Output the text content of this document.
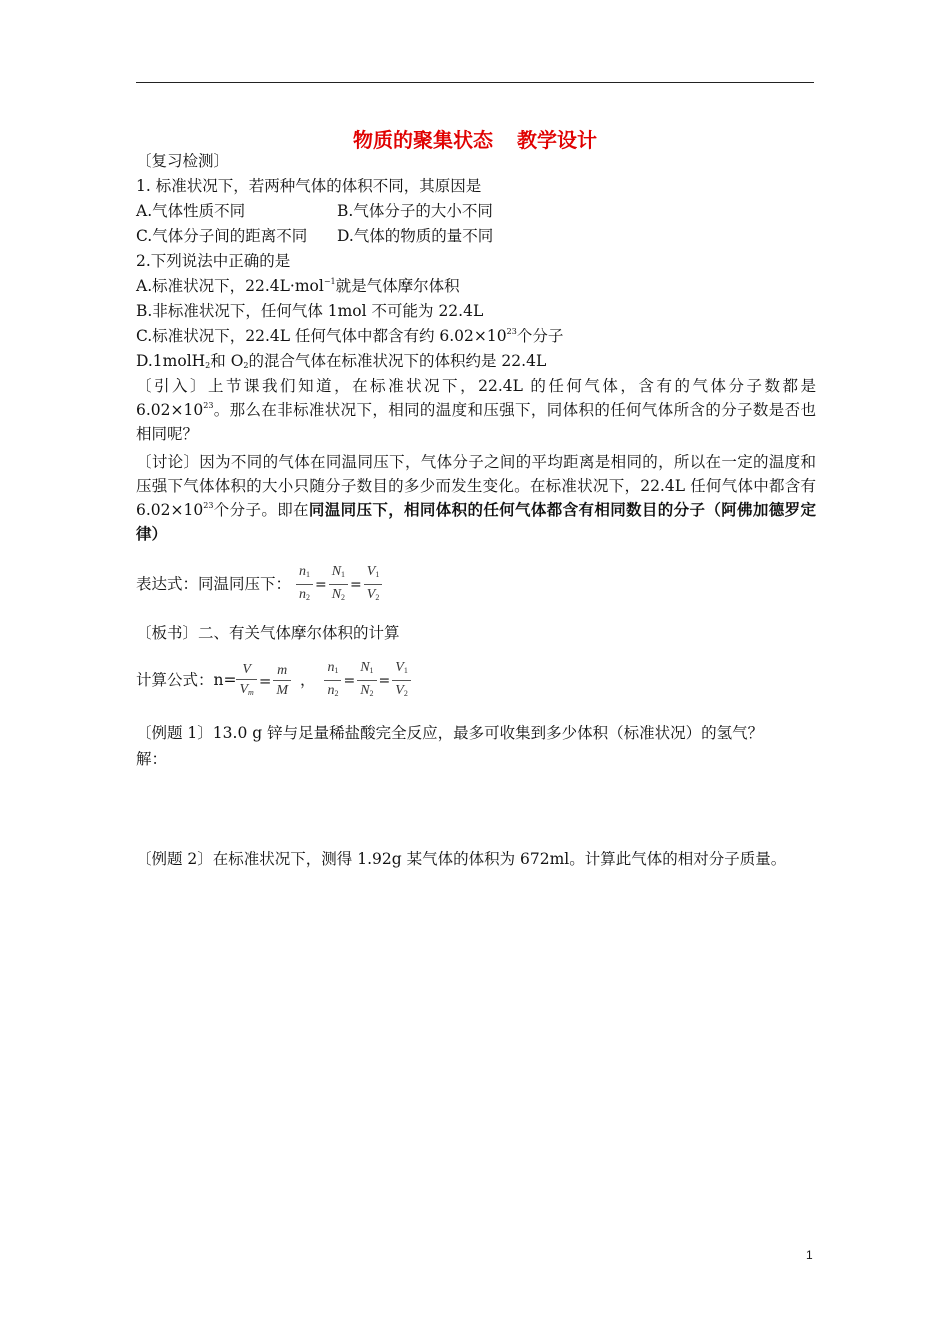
物质的聚集状态 教学设计
〔复习检测〕
1. 标准状况下，若两种气体的体积不同，其原因是
A.气体性质不同	B.气体分子的大小不同
C.气体分子间的距离不同 D.气体的物质的量不同
2.下列说法中正确的是
A.标准状况下，22.4L·mol$^{-1}$就是气体摩尔体积
B.非标准状况下，任何气体 1mol 不可能为 22.4L
C.标准状况下，22.4L 任何气体中都含有约 $6.02\times 10^{23}$个分子
D.1molH$_2$和 $O_2$的混合气体在标准状况下的体积约是 22.4L
〔引入〕上节课我们知道，在标准状况下，22.4L 的任何气体，含有的气体分子数都是 $6.02\times 10^{23}$。那么在非标准状况下，相同的温度和压强下，同体积的任何气体所含的分子数是否也相同呢？
〔讨论〕因为不同的气体在同温同压下，气体分子之间的平均距离是相同的，所以在一定的温度和压强下气体体积的大小只随分子数目的多少而发生变化。在标准状况下，22.4L 任何气体中都含有 $6.02\times 10^{23}$个分子。即在同温同压下，相同体积的任何气体都含有相同数目的分子（阿佛加德罗定律）
表达式：同温同压下： $\frac{n1}{n2} = \frac{N1}{N2} = \frac{V1}{V2}$
〔板书〕二、有关气体摩尔体积的计算
计算公式：$n= \frac{V}{Vm} = \frac{m}{M}$ ， $\frac{n1}{n2} = \frac{N1}{N2} = \frac{V1}{V2}$
〔例题 1〕13.0 g 锌与足量稀盐酸完全反应，最多可收集到多少体积（标准状况）的氢气？
解：
〔例题 2〕在标准状况下，测得 1.92g 某气体的体积为 672ml。计算此气体的相对分子质量。
1
